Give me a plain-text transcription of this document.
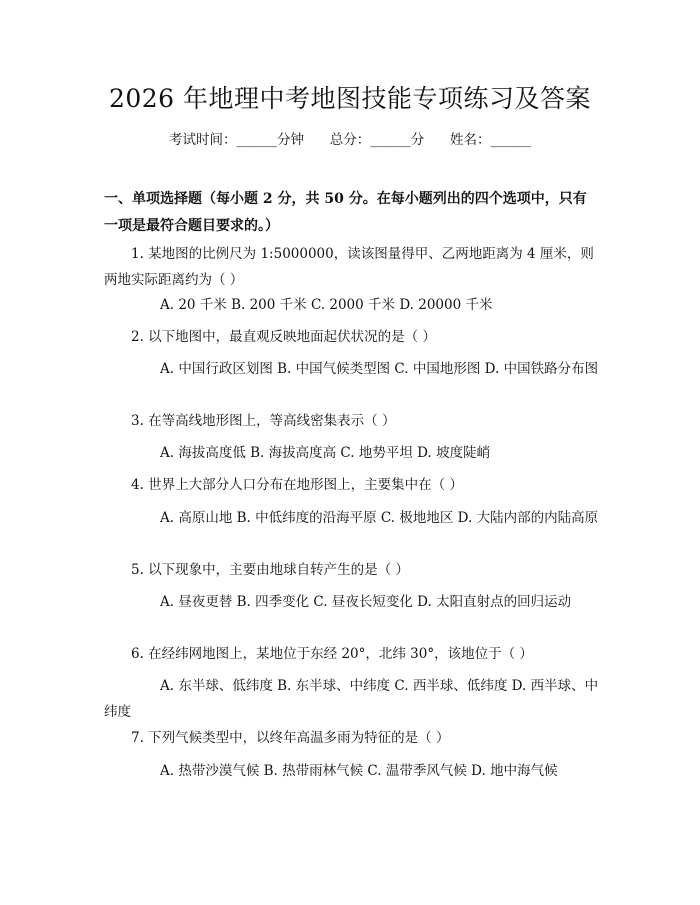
2026 年地理中考地图技能专项练习及答案
考试时间：______分钟      总分：______分      姓名：______
一、单项选择题（每小题 2 分，共 50 分。在每小题列出的四个选项中，只有一项是最符合题目要求的。）
1. 某地图的比例尺为 1:5000000，读该图量得甲、乙两地距离为 4 厘米，则两地实际距离约为（ ）
A. 20 千米 B. 200 千米 C. 2000 千米 D. 20000 千米
2. 以下地图中，最直观反映地面起伏状况的是（ ）
A. 中国行政区划图 B. 中国气候类型图 C. 中国地形图 D. 中国铁路分布图
3. 在等高线地形图上，等高线密集表示（ ）
A. 海拔高度低 B. 海拔高度高 C. 地势平坦 D. 坡度陡峭
4. 世界上大部分人口分布在地形图上，主要集中在（ ）
A. 高原山地 B. 中低纬度的沿海平原 C. 极地地区 D. 大陆内部的内陆高原
5. 以下现象中，主要由地球自转产生的是（ ）
A. 昼夜更替 B. 四季变化 C. 昼夜长短变化 D. 太阳直射点的回归运动
6. 在经纬网地图上，某地位于东经 20°，北纬 30°，该地位于（ ）
A. 东半球、低纬度 B. 东半球、中纬度 C. 西半球、低纬度 D. 西半球、中纬度
7. 下列气候类型中，以终年高温多雨为特征的是（ ）
A. 热带沙漠气候 B. 热带雨林气候 C. 温带季风气候 D. 地中海气候
